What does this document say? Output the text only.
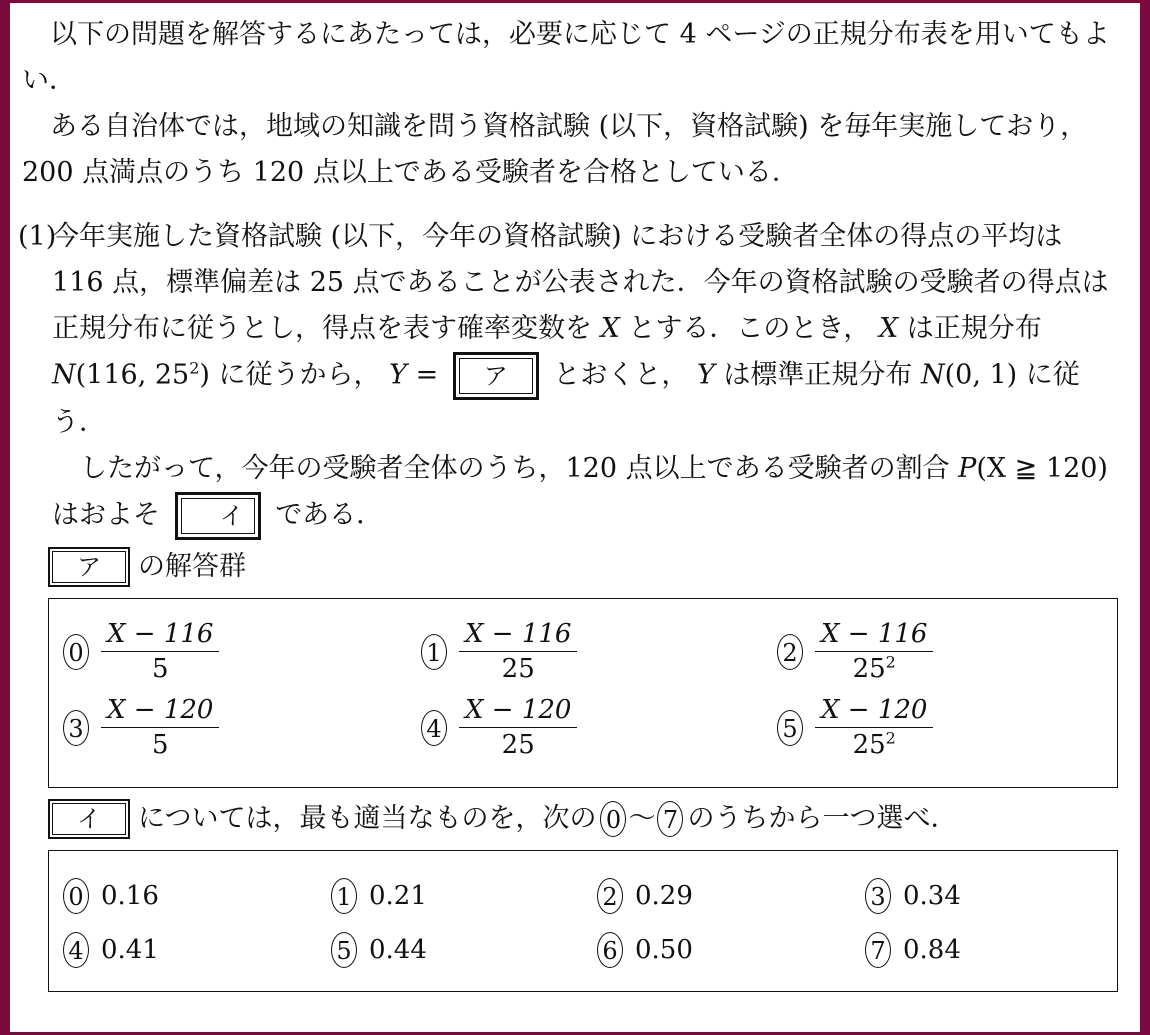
以下の問題を解答するにあたっては，必要に応じて 4 ページの正規分布表を用いてもよい．

ある自治体では，地域の知識を問う資格試験 (以下，資格試験) を毎年実施しており，200 点満点のうち 120 点以上である受験者を合格としている．

(1)

今年実施した資格試験 (以下，今年の資格試験) における受験者全体の得点の平均は 116 点，標準偏差は 25 点であることが公表された．今年の資格試験の受験者の得点は正規分布に従うとし，得点を表す確率変数を X とする．このとき， X は正規分布 N(116, $25^2$) に従うから， Y =	ア	とおくと， Y は標準正規分布 N(0, 1) に従う．

したがって，今年の受験者全体のうち，120 点以上である受験者の割合 P(X ≧ 120) はおよそ	イ	である．

ア	の解答群
$0 \frac{X - 116}{5}$	$1 \frac{X - 116}{25}$	$2 \frac{X - 116}{25^2}$
$3 \frac{X - 120}{5}$	$4 \frac{X - 120}{25}$	$5 \frac{X - 120}{25^2}$
イ	については，最も適当なものを，次の 0 〜 7 のうちから一つ選べ．
0 0.16	1 0.21	2 0.29	3 0.34
4 0.41	5 0.44	6 0.50	7 0.84
